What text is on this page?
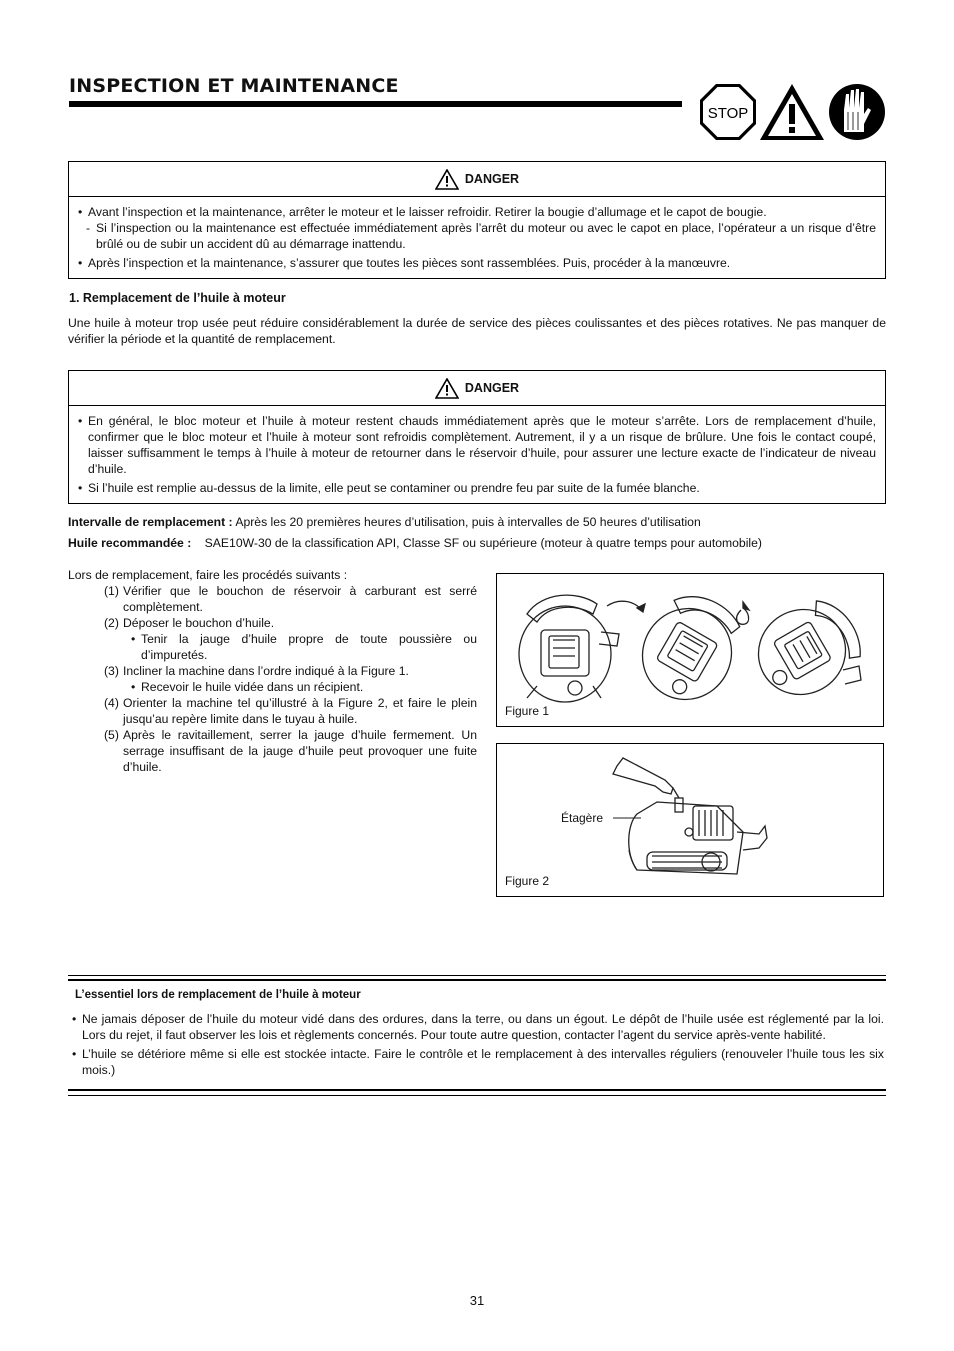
INSPECTION ET MAINTENANCE
STOP
DANGER
• Avant l’inspection et la maintenance, arrêter le moteur et le laisser refroidir. Retirer la bougie d’allumage et le capot de bougie.
- Si l’inspection ou la maintenance est effectuée immédiatement après l’arrêt du moteur ou avec le capot en place, l’opérateur a un risque d’être brûlé ou de subir un accident dû au démarrage inattendu.
• Après l’inspection et la maintenance, s’assurer que toutes les pièces sont rassemblées. Puis, procéder à la manœuvre.
1. Remplacement de l’huile à moteur
Une huile à moteur trop usée peut réduire considérablement la durée de service des pièces coulissantes et des pièces rotatives. Ne pas manquer de vérifier la période et la quantité de remplacement.
DANGER
• En général, le bloc moteur et l’huile à moteur restent chauds immédiatement après que le moteur s’arrête. Lors de remplacement d’huile, confirmer que le bloc moteur et l’huile à moteur sont refroidis complètement. Autrement, il y a un risque de brûlure. Une fois le contact coupé, laisser suffisamment le temps à l’huile à moteur de retourner dans le réservoir d’huile, pour assurer une lecture exacte de l’indicateur de niveau d’huile.
• Si l’huile est remplie au-dessus de la limite, elle peut se contaminer ou prendre feu par suite de la fumée blanche.
Intervalle de remplacement : Après les 20 premières heures d’utilisation, puis à intervalles de 50 heures d’utilisation
Huile recommandée : SAE10W-30 de la classification API, Classe SF ou supérieure (moteur à quatre temps pour automobile)
Lors de remplacement, faire les procédés suivants :
(1) Vérifier que le bouchon de réservoir à carburant est serré complètement.
(2) Déposer le bouchon d’huile.
• Tenir la jauge d’huile propre de toute poussière ou d’impuretés.
(3) Incliner la machine dans l’ordre indiqué à la Figure 1.
• Recevoir le huile vidée dans un récipient.
(4) Orienter la machine tel qu’illustré à la Figure 2, et faire le plein jusqu’au repère limite dans le tuyau à huile.
(5) Après le ravitaillement, serrer la jauge d’huile fermement. Un serrage insuffisant de la jauge d’huile peut provoquer une fuite d’huile.
Figure 1
Étagère
Figure 2
L’essentiel lors de remplacement de l’huile à moteur
• Ne jamais déposer de l’huile du moteur vidé dans des ordures, dans la terre, ou dans un égout. Le dépôt de l’huile usée est réglementé par la loi. Lors du rejet, il faut observer les lois et règlements concernés. Pour toute autre question, contacter l’agent du service après-vente habilité.
• L’huile se détériore même si elle est stockée intacte. Faire le contrôle et le remplacement à des intervalles réguliers (renouveler l’huile tous les six mois.)
31
